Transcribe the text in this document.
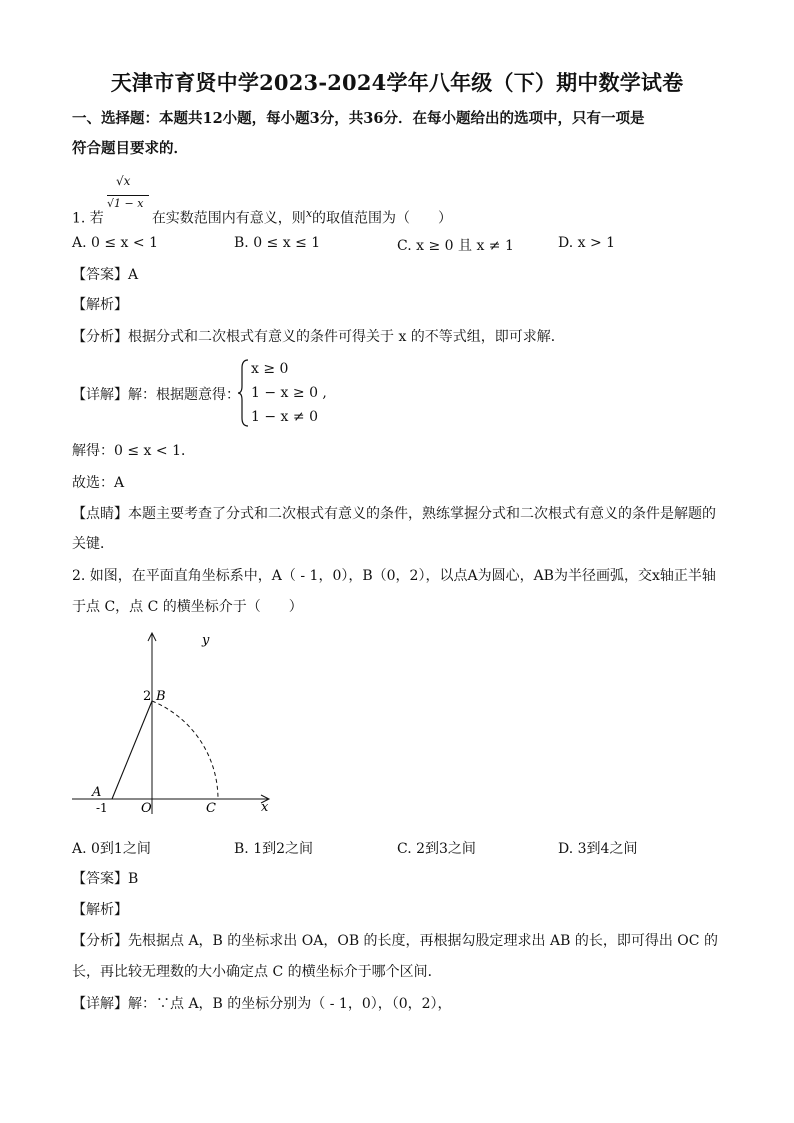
天津市育贤中学2023-2024学年八年级（下）期中数学试卷
一、选择题：本题共12小题，每小题3分，共36分．在每小题给出的选项中，只有一项是
符合题目要求的．
√x
√1 − x
1. 若	在实数范围内有意义，则$^x$的取值范围为（　　）
A. 0 ≤ x < 1	B. 0 ≤ x ≤ 1	C. x ≥ 0 且 x ≠ 1	D. x > 1
【答案】A
【解析】
【分析】根据分式和二次根式有意义的条件可得关于 x 的不等式组，即可求解．
【详解】解：根据题意得：
x ≥ 0
1 − x ≥ 0 ,
1 − x ≠ 0
解得：0 ≤ x < 1．
故选：A
【点睛】本题主要考查了分式和二次根式有意义的条件，熟练掌握分式和二次根式有意义的条件是解题的
关键．
2. 如图，在平面直角坐标系中，A（ - 1，0），B（0，2），以点A为圆心，AB为半径画弧，交x轴正半轴
于点 C，点 C 的横坐标介于（　　）
y
x
2 B
A
-1	O	C
A. 0到1之间	B. 1到2之间	C. 2到3之间	D. 3到4之间
【答案】B
【解析】
【分析】先根据点 A，B 的坐标求出 OA，OB 的长度，再根据勾股定理求出 AB 的长，即可得出 OC 的
长，再比较无理数的大小确定点 C 的横坐标介于哪个区间．
【详解】解：∵点 A，B 的坐标分别为（ - 1，0），（0，2），
